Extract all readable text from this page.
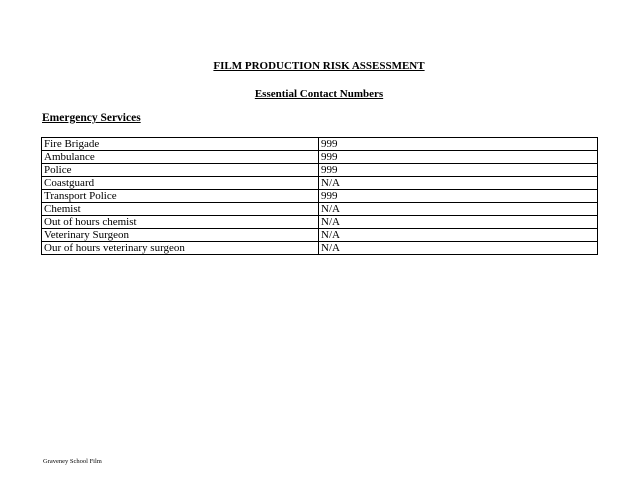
FILM PRODUCTION RISK ASSESSMENT
Essential Contact Numbers
Emergency Services
Fire Brigade	999
Ambulance	999
Police	999
Coastguard	N/A
Transport Police	999
Chemist	N/A
Out of hours chemist	N/A
Veterinary Surgeon	N/A
Our of hours veterinary surgeon	N/A
Graveney School Film
